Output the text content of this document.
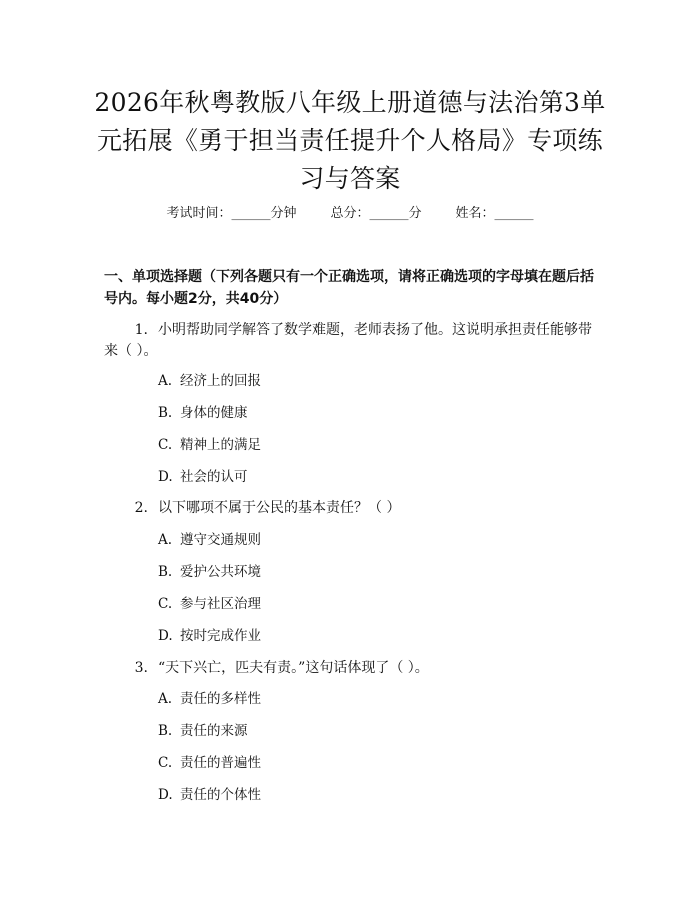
2026年秋粤教版八年级上册道德与法治第3单元拓展《勇于担当责任提升个人格局》专项练习与答案
考试时间：______分钟	总分：______分	姓名：______

一、单项选择题（下列各题只有一个正确选项，请将正确选项的字母填在题后括号内。每小题2分，共40分）

1. 小明帮助同学解答了数学难题，老师表扬了他。这说明承担责任能够带来（ ）。

A. 经济上的回报

B. 身体的健康

C. 精神上的满足

D. 社会的认可

2. 以下哪项不属于公民的基本责任？（ ）

A. 遵守交通规则

B. 爱护公共环境

C. 参与社区治理

D. 按时完成作业

3. “天下兴亡，匹夫有责。”这句话体现了（ ）。

A. 责任的多样性

B. 责任的来源

C. 责任的普遍性

D. 责任的个体性
